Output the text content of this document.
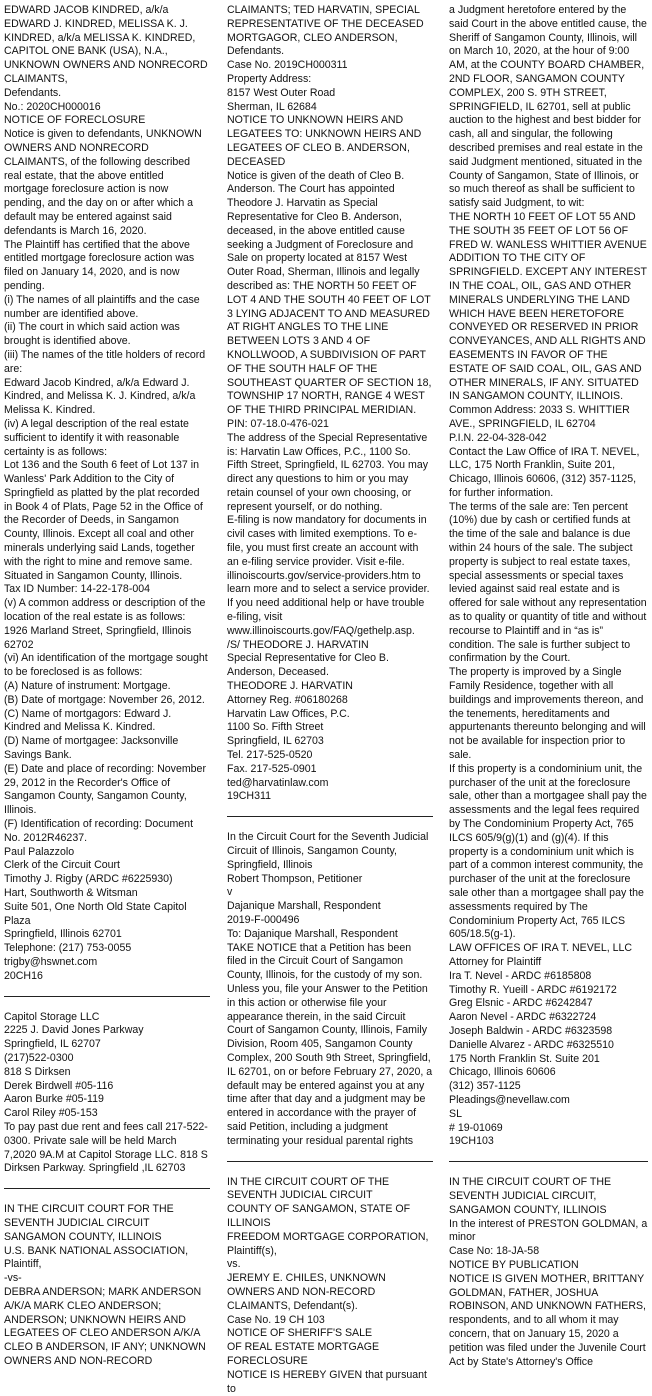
EDWARD JACOB KINDRED, a/k/a EDWARD J. KINDRED, MELISSA K. J. KINDRED, a/k/a MELISSA K. KINDRED, CAPITOL ONE BANK (USA), N.A., UNKNOWN OWNERS AND NONRECORD CLAIMANTS,
Defendants.
No.: 2020CH000016
NOTICE OF FORECLOSURE
Notice is given to defendants, UNKNOWN OWNERS AND NONRECORD CLAIMANTS, of the following described real estate, that the above entitled mortgage foreclosure action is now pending, and the day on or after which a default may be entered against said defendants is March 16, 2020.
The Plaintiff has certified that the above entitled mortgage foreclosure action was filed on January 14, 2020, and is now pending.
(i) The names of all plaintiffs and the case number are identified above.
(ii) The court in which said action was brought is identified above.
(iii) The names of the title holders of record are:
Edward Jacob Kindred, a/k/a Edward J. Kindred, and Melissa K. J. Kindred, a/k/a Melissa K. Kindred.
(iv) A legal description of the real estate sufficient to identify it with reasonable certainty is as follows:
Lot 136 and the South 6 feet of Lot 137 in Wanless' Park Addition to the City of Springfield as platted by the plat recorded in Book 4 of Plats, Page 52 in the Office of the Recorder of Deeds, in Sangamon County, Illinois. Except all coal and other minerals underlying said Lands, together with the right to mine and remove same.
Situated in Sangamon County, Illinois.
Tax ID Number: 14-22-178-004
(v) A common address or description of the location of the real estate is as follows:
1926 Marland Street, Springfield, Illinois 62702
(vi) An identification of the mortgage sought to be foreclosed is as follows:
(A) Nature of instrument: Mortgage.
(B) Date of mortgage: November 26, 2012.
(C) Name of mortgagors: Edward J. Kindred and Melissa K. Kindred.
(D) Name of mortgagee: Jacksonville Savings Bank.
(E) Date and place of recording: November 29, 2012 in the Recorder's Office of Sangamon County, Sangamon County, Illinois.
(F) Identification of recording: Document No. 2012R46237.
Paul Palazzolo
Clerk of the Circuit Court
Timothy J. Rigby (ARDC #6225930)
Hart, Southworth & Witsman
Suite 501, One North Old State Capitol Plaza
Springfield, Illinois 62701
Telephone: (217) 753-0055
trigby@hswnet.com
20CH16
Capitol Storage LLC
2225 J. David Jones Parkway
Springfield, IL 62707
(217)522-0300
818 S Dirksen
Derek Birdwell #05-116
Aaron Burke #05-119
Carol Riley #05-153
To pay past due rent and fees call 217-522-0300. Private sale will be held March 7,2020 9A.M at Capitol Storage LLC. 818 S Dirksen Parkway. Springfield ,IL 62703
IN THE CIRCUIT COURT FOR THE SEVENTH JUDICIAL CIRCUIT
SANGAMON COUNTY, ILLINOIS
U.S. BANK NATIONAL ASSOCIATION, Plaintiff,
-vs-
DEBRA ANDERSON; MARK ANDERSON A/K/A MARK CLEO ANDERSON; ANDERSON; UNKNOWN HEIRS AND LEGATEES OF CLEO ANDERSON A/K/A CLEO B ANDERSON, IF ANY; UNKNOWN OWNERS AND NON-RECORD
CLAIMANTS; TED HARVATIN, SPECIAL REPRESENTATIVE OF THE DECEASED MORTGAGOR, CLEO ANDERSON, Defendants.
Case No. 2019CH000311
Property Address:
8157 West Outer Road
Sherman, IL 62684
NOTICE TO UNKNOWN HEIRS AND LEGATEES TO: UNKNOWN HEIRS AND LEGATEES OF CLEO B. ANDERSON, DECEASED
Notice is given of the death of Cleo B. Anderson. The Court has appointed Theodore J. Harvatin as Special Representative for Cleo B. Anderson, deceased, in the above entitled cause seeking a Judgment of Foreclosure and Sale on property located at 8157 West Outer Road, Sherman, Illinois and legally described as: THE NORTH 50 FEET OF LOT 4 AND THE SOUTH 40 FEET OF LOT 3 LYING ADJACENT TO AND MEASURED AT RIGHT ANGLES TO THE LINE BETWEEN LOTS 3 AND 4 OF KNOLLWOOD, A SUBDIVISION OF PART OF THE SOUTH HALF OF THE SOUTHEAST QUARTER OF SECTION 18, TOWNSHIP 17 NORTH, RANGE 4 WEST OF THE THIRD PRINCIPAL MERIDIAN.
PIN: 07-18.0-476-021
The address of the Special Representative is: Harvatin Law Offices, P.C., 1100 So. Fifth Street, Springfield, IL 62703. You may direct any questions to him or you may retain counsel of your own choosing, or represent yourself, or do nothing.
E-filing is now mandatory for documents in civil cases with limited exemptions. To e-file, you must first create an account with an e-filing service provider. Visit e-file. illinoiscourts.gov/service-providers.htm to learn more and to select a service provider. If you need additional help or have trouble e-filing, visit www.illinoiscourts.gov/FAQ/gethelp.asp.
/S/ THEODORE J. HARVATIN
Special Representative for Cleo B. Anderson, Deceased.
THEODORE J. HARVATIN
Attorney Reg. #06180268
Harvatin Law Offices, P.C.
1100 So. Fifth Street
Springfield, IL 62703
Tel. 217-525-0520
Fax. 217-525-0901
ted@harvatinlaw.com
19CH311
In the Circuit Court for the Seventh Judicial Circuit of Illinois, Sangamon County, Springfield, Illinois
Robert Thompson, Petitioner
v
Dajanique Marshall, Respondent
2019-F-000496
To: Dajanique Marshall, Respondent
TAKE NOTICE that a Petition has been filed in the Circuit Court of Sangamon County, Illinois, for the custody of my son. Unless you, file your Answer to the Petition in this action or otherwise file your appearance therein, in the said Circuit Court of Sangamon County, Illinois, Family Division, Room 405, Sangamon County Complex, 200 South 9th Street, Springfield, IL 62701, on or before February 27, 2020, a default may be entered against you at any time after that day and a judgment may be entered in accordance with the prayer of said Petition, including a judgment terminating your residual parental rights
IN THE CIRCUIT COURT OF THE SEVENTH JUDICIAL CIRCUIT
COUNTY OF SANGAMON, STATE OF ILLINOIS
FREEDOM MORTGAGE CORPORATION, Plaintiff(s),
vs.
JEREMY E. CHILES, UNKNOWN OWNERS AND NON-RECORD CLAIMANTS, Defendant(s).
Case No. 19 CH 103
NOTICE OF SHERIFF'S SALE
OF REAL ESTATE MORTGAGE FORECLOSURE
NOTICE IS HEREBY GIVEN that pursuant to
a Judgment heretofore entered by the said Court in the above entitled cause, the Sheriff of Sangamon County, Illinois, will on March 10, 2020, at the hour of 9:00 AM, at the COUNTY BOARD CHAMBER, 2ND FLOOR, SANGAMON COUNTY COMPLEX, 200 S. 9TH STREET, SPRINGFIELD, IL 62701, sell at public auction to the highest and best bidder for cash, all and singular, the following described premises and real estate in the said Judgment mentioned, situated in the County of Sangamon, State of Illinois, or so much thereof as shall be sufficient to satisfy said Judgment, to wit:
THE NORTH 10 FEET OF LOT 55 AND THE SOUTH 35 FEET OF LOT 56 OF FRED W. WANLESS WHITTIER AVENUE ADDITION TO THE CITY OF SPRINGFIELD. EXCEPT ANY INTEREST IN THE COAL, OIL, GAS AND OTHER MINERALS UNDERLYING THE LAND WHICH HAVE BEEN HERETOFORE CONVEYED OR RESERVED IN PRIOR CONVEYANCES, AND ALL RIGHTS AND EASEMENTS IN FAVOR OF THE ESTATE OF SAID COAL, OIL, GAS AND OTHER MINERALS, IF ANY. SITUATED IN SANGAMON COUNTY, ILLINOIS.
Common Address: 2033 S. WHITTIER AVE., SPRINGFIELD, IL 62704
P.I.N. 22-04-328-042
Contact the Law Office of IRA T. NEVEL, LLC, 175 North Franklin, Suite 201, Chicago, Illinois 60606, (312) 357-1125, for further information.
The terms of the sale are: Ten percent (10%) due by cash or certified funds at the time of the sale and balance is due within 24 hours of the sale. The subject property is subject to real estate taxes, special assessments or special taxes levied against said real estate and is offered for sale without any representation as to quality or quantity of title and without recourse to Plaintiff and in “as is” condition. The sale is further subject to confirmation by the Court.
The property is improved by a Single Family Residence, together with all buildings and improvements thereon, and the tenements, hereditaments and appurtenants thereunto belonging and will not be available for inspection prior to sale.
If this property is a condominium unit, the purchaser of the unit at the foreclosure sale, other than a mortgagee shall pay the assessments and the legal fees required by The Condominium Property Act, 765 ILCS 605/9(g)(1) and (g)(4). If this property is a condominium unit which is part of a common interest community, the purchaser of the unit at the foreclosure sale other than a mortgagee shall pay the assessments required by The Condominium Property Act, 765 ILCS 605/18.5(g-1).
LAW OFFICES OF IRA T. NEVEL, LLC
Attorney for Plaintiff
Ira T. Nevel - ARDC #6185808
Timothy R. Yueill - ARDC #6192172
Greg Elsnic - ARDC #6242847
Aaron Nevel - ARDC #6322724
Joseph Baldwin - ARDC #6323598
Danielle Alvarez - ARDC #6325510
175 North Franklin St. Suite 201
Chicago, Illinois 60606
(312) 357-1125
Pleadings@nevellaw.com
SL
# 19-01069
19CH103
IN THE CIRCUIT COURT OF THE SEVENTH JUDICIAL CIRCUIT, SANGAMON COUNTY, ILLINOIS
In the interest of PRESTON GOLDMAN, a minor
Case No: 18-JA-58
NOTICE BY PUBLICATION
NOTICE IS GIVEN MOTHER, BRITTANY GOLDMAN, FATHER, JOSHUA ROBINSON, AND UNKNOWN FATHERS, respondents, and to all whom it may concern, that on January 15, 2020 a petition was filed under the Juvenile Court Act by State's Attorney's Office
